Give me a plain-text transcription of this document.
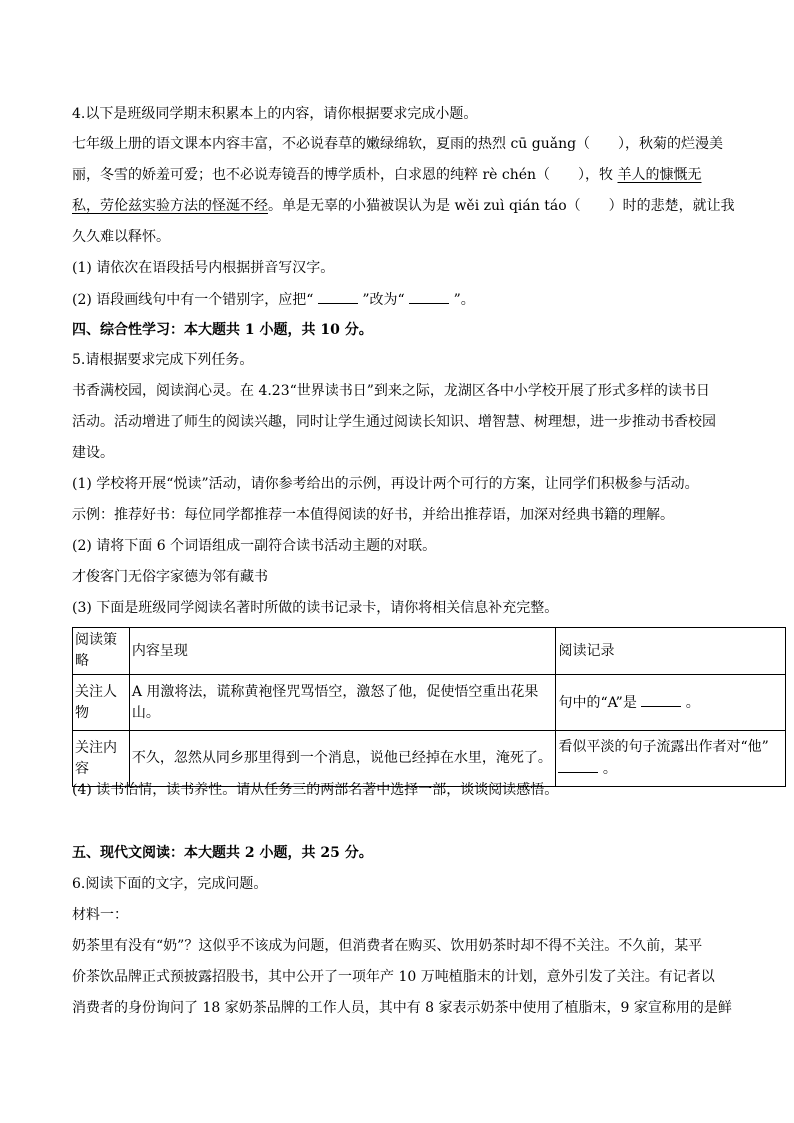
4.以下是班级同学期末积累本上的内容，请你根据要求完成小题。
七年级上册的语文课本内容丰富，不必说春草的嫩绿绵软，夏雨的热烈 cū guǎng（　　），秋菊的烂漫美
丽，冬雪的娇羞可爱；也不必说寿镜吾的博学质朴，白求恩的纯粹 rè chén（　　），牧 羊人的慷慨无
私，劳伦兹实验方法的怪涎不经。单是无辜的小猫被误认为是 wěi zuì qián táo（　　）时的悲楚，就让我
久久难以释怀。
(1) 请依次在语段括号内根据拼音写汉字。
(2) 语段画线句中有一个错别字，应把“	”改为“	”。
四、综合性学习：本大题共 1 小题，共 10 分。
5.请根据要求完成下列任务。
书香满校园，阅读润心灵。在 4.23“世界读书日”到来之际，龙湖区各中小学校开展了形式多样的读书日
活动。活动增进了师生的阅读兴趣，同时让学生通过阅读长知识、增智慧、树理想，进一步推动书香校园
建设。
(1) 学校将开展“悦读”活动，请你参考给出的示例，再设计两个可行的方案，让同学们积极参与活动。
示例：推荐好书：每位同学都推荐一本值得阅读的好书，并给出推荐语，加深对经典书籍的理解。
(2) 请将下面 6 个词语组成一副符合读书活动主题的对联。
才俊客门无俗字家德为邻有藏书
(3) 下面是班级同学阅读名著时所做的读书记录卡，请你将相关信息补充完整。
阅读策略	内容呈现	阅读记录
关注人物	A 用激将法，谎称黄袍怪咒骂悟空，激怒了他，促使悟空重出花果山。	句中的“A”是 。
关注内容	不久，忽然从同乡那里得到一个消息，说他已经掉在水里，淹死了。	看似平淡的句子流露出作者对“他”
。
(4) 读书怡情，读书养性。请从任务三的两部名著中选择一部，谈谈阅读感悟。
五、现代文阅读：本大题共 2 小题，共 25 分。
6.阅读下面的文字，完成问题。
材料一：
奶茶里有没有“奶”？这似乎不该成为问题，但消费者在购买、饮用奶茶时却不得不关注。不久前，某平
价茶饮品牌正式预披露招股书，其中公开了一项年产 10 万吨植脂末的计划，意外引发了关注。有记者以
消费者的身份询问了 18 家奶茶品牌的工作人员，其中有 8 家表示奶茶中使用了植脂末，9 家宣称用的是鲜
